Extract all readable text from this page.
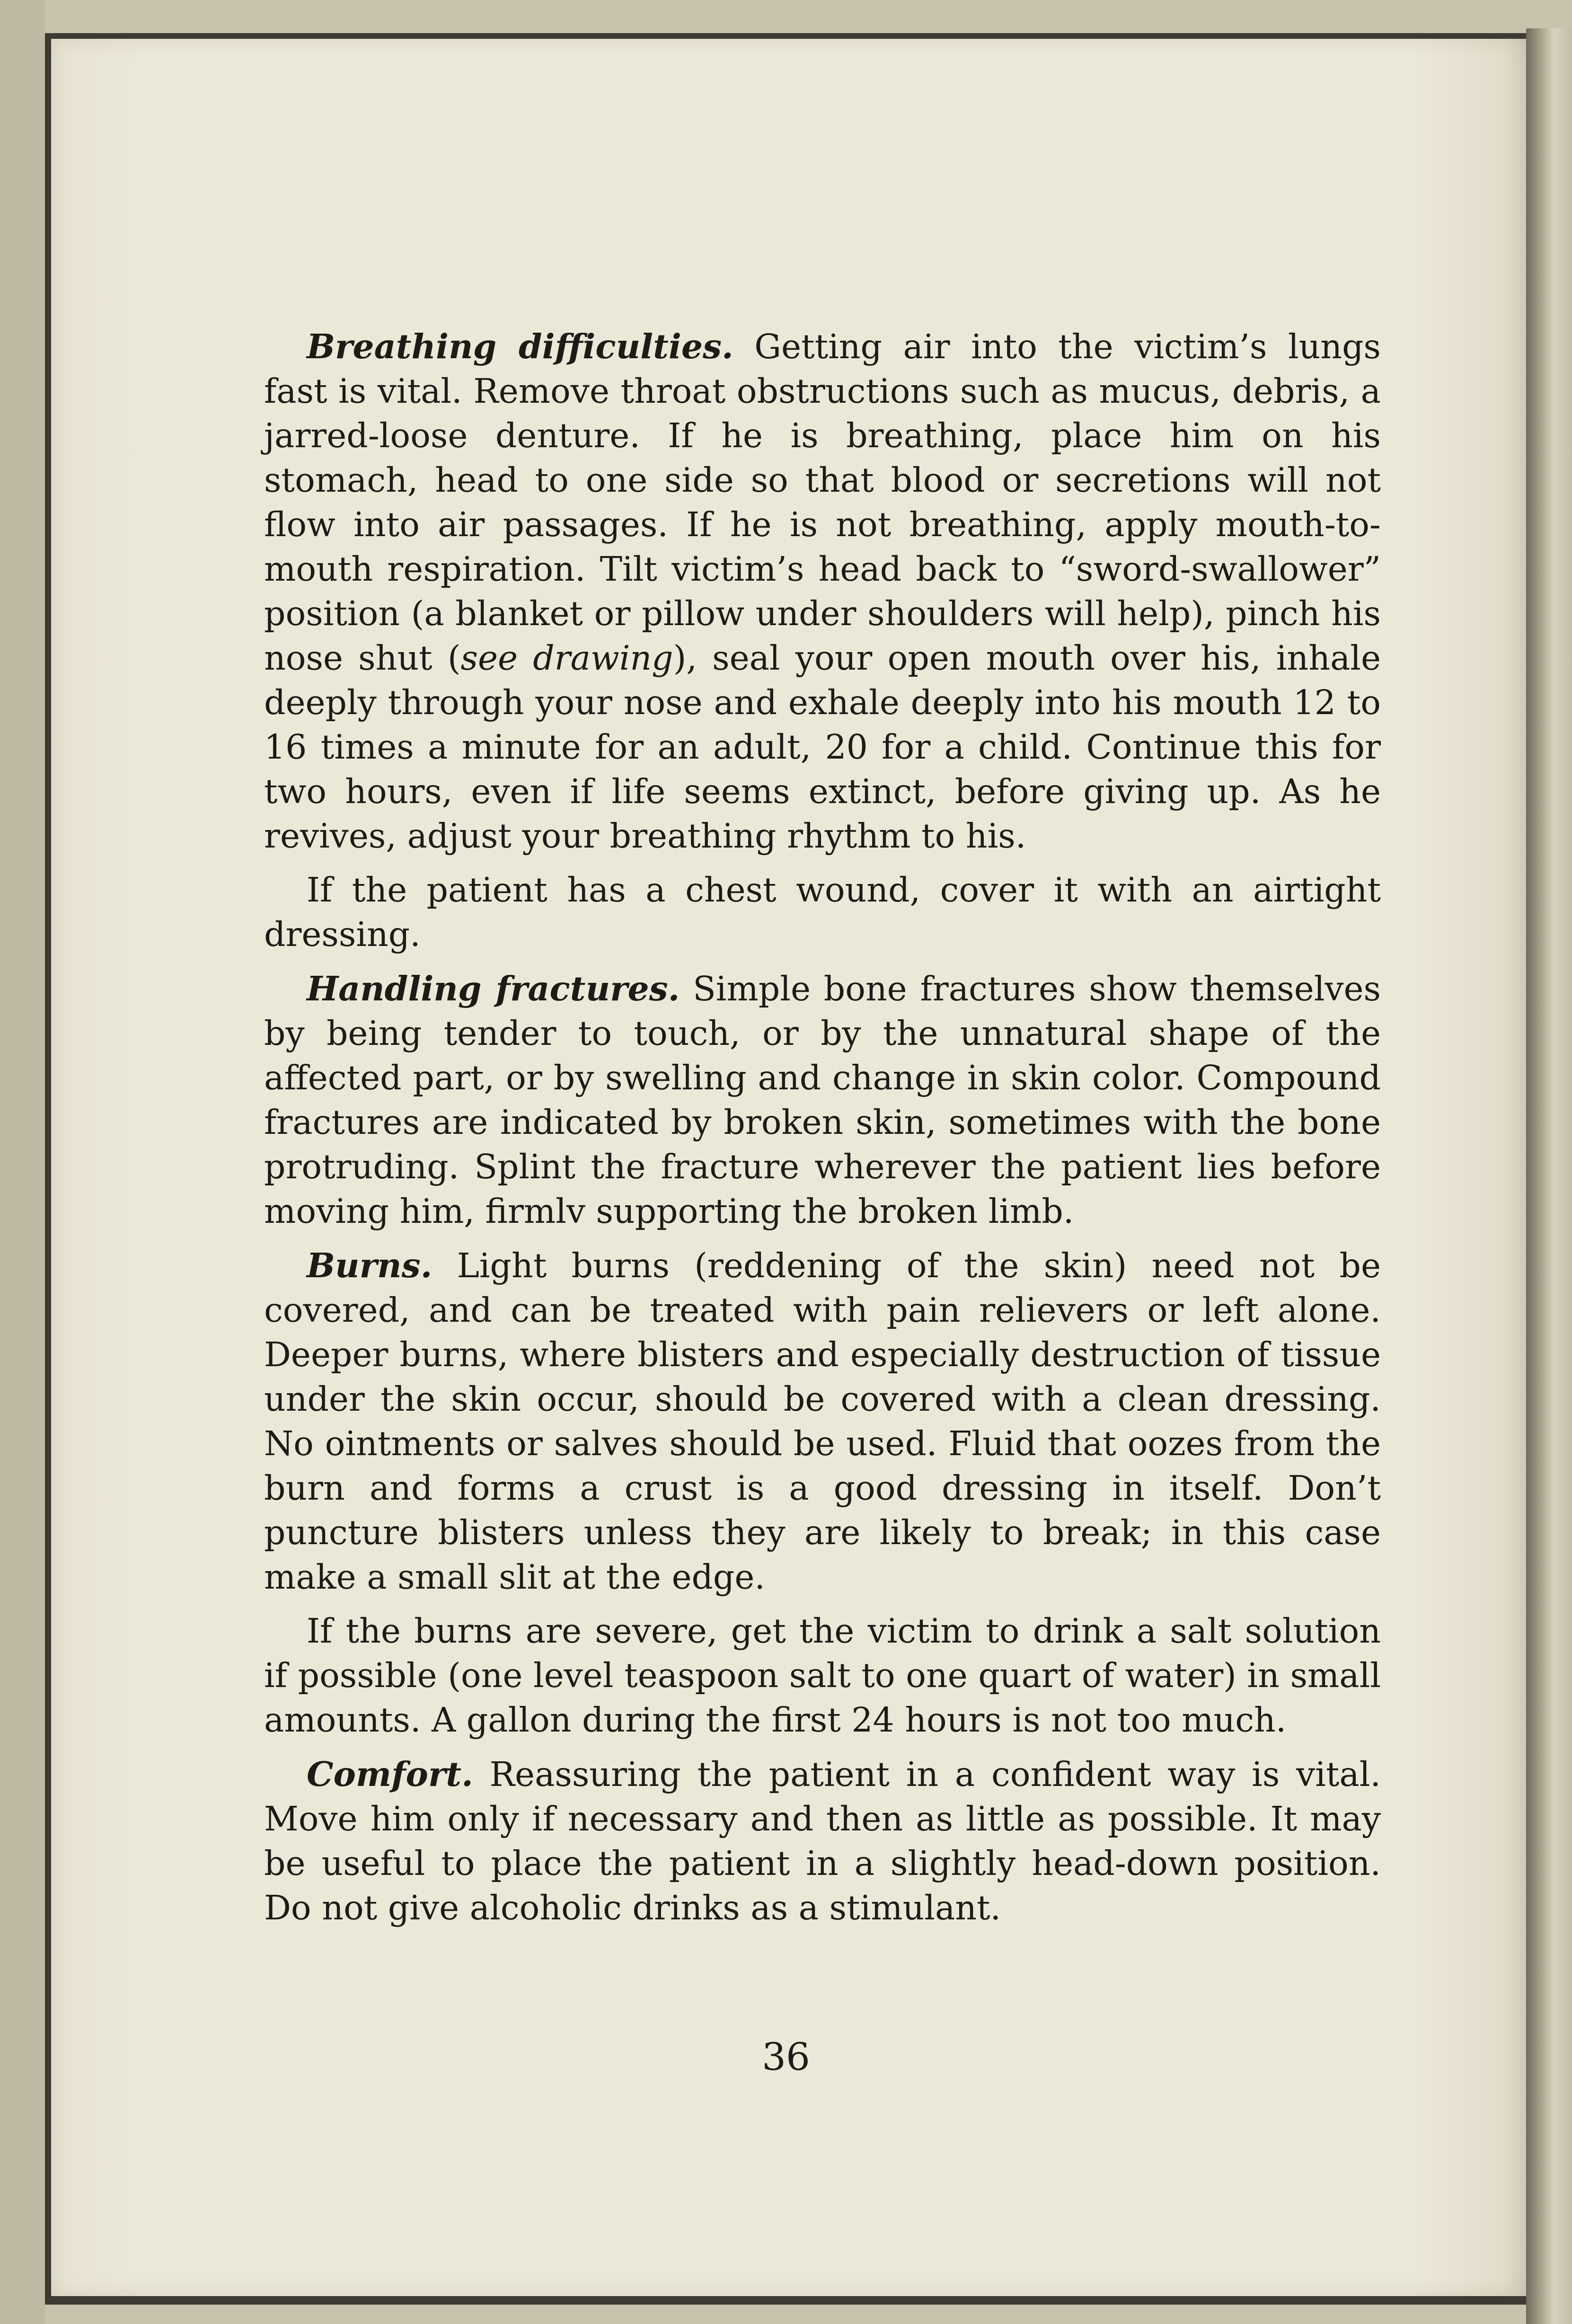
Breathing difficulties. Getting air into the victim’s lungs fast is vital. Remove throat obstructions such as mucus, debris, a jarred-loose denture. If he is breathing, place him on his stomach, head to one side so that blood or secretions will not flow into air passages. If he is not breathing, apply mouth-to-mouth respiration. Tilt victim’s head back to “sword-swallower” position (a blanket or pillow under shoulders will help), pinch his nose shut (see drawing), seal your open mouth over his, inhale deeply through your nose and exhale deeply into his mouth 12 to 16 times a minute for an adult, 20 for a child. Continue this for two hours, even if life seems extinct, before giving up. As he revives, adjust your breathing rhythm to his.

If the patient has a chest wound, cover it with an airtight dressing.

Handling fractures. Simple bone fractures show themselves by being tender to touch, or by the unnatural shape of the affected part, or by swelling and change in skin color. Compound fractures are indicated by broken skin, sometimes with the bone protruding. Splint the fracture wherever the patient lies before moving him, firmlv supporting the broken limb.

Burns. Light burns (reddening of the skin) need not be covered, and can be treated with pain relievers or left alone. Deeper burns, where blisters and especially destruction of tissue under the skin occur, should be covered with a clean dressing. No ointments or salves should be used. Fluid that oozes from the burn and forms a crust is a good dressing in itself. Don’t puncture blisters unless they are likely to break; in this case make a small slit at the edge.

If the burns are severe, get the victim to drink a salt solution if possible (one level teaspoon salt to one quart of water) in small amounts. A gallon during the first 24 hours is not too much.

Comfort. Reassuring the patient in a confident way is vital. Move him only if necessary and then as little as possible. It may be useful to place the patient in a slightly head-down position. Do not give alcoholic drinks as a stimulant.

36
